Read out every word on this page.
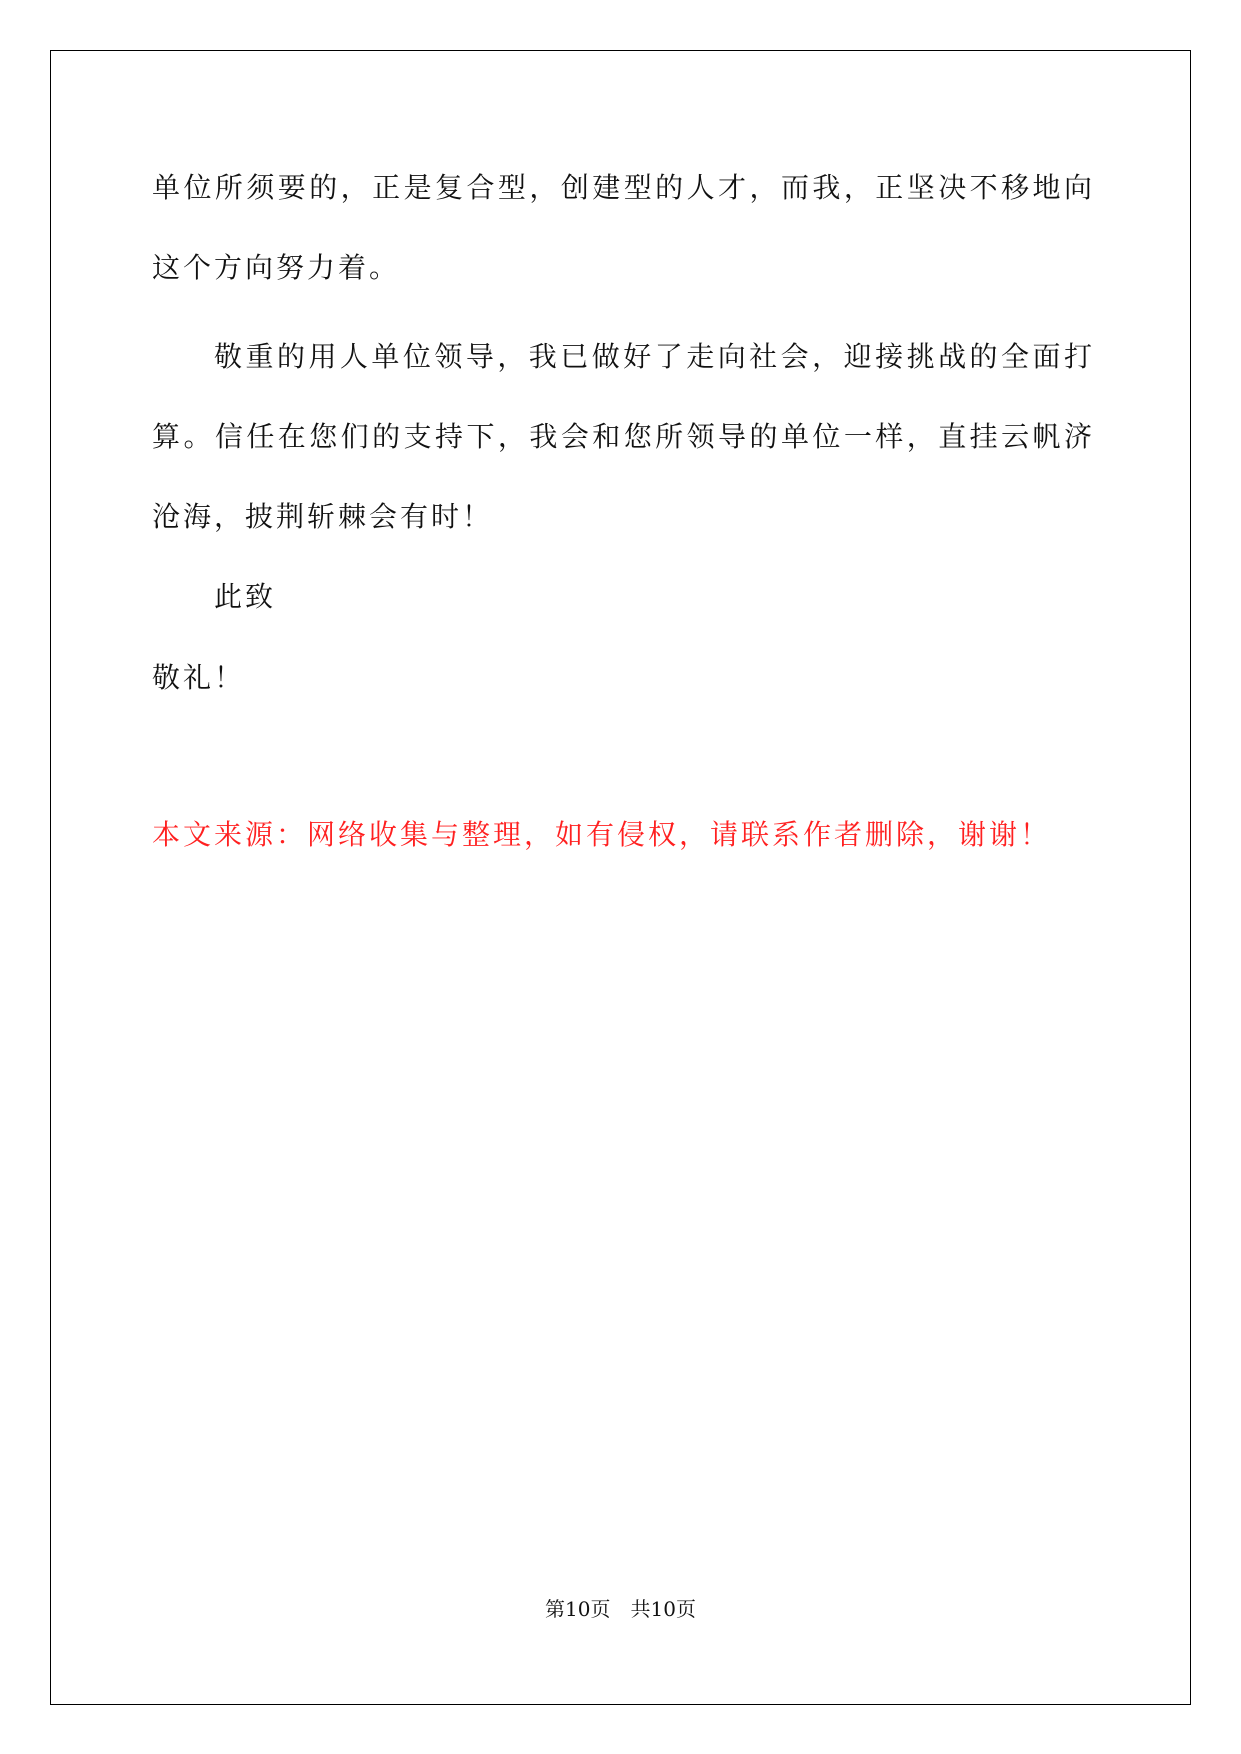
单位所须要的，正是复合型，创建型的人才，而我，正坚决不移地向
这个方向努力着。
敬重的用人单位领导，我已做好了走向社会，迎接挑战的全面打
算。信任在您们的支持下，我会和您所领导的单位一样，直挂云帆济
沧海，披荆斩棘会有时！
此致
敬礼！
本文来源：网络收集与整理，如有侵权，请联系作者删除，谢谢！
第10页 共10页
